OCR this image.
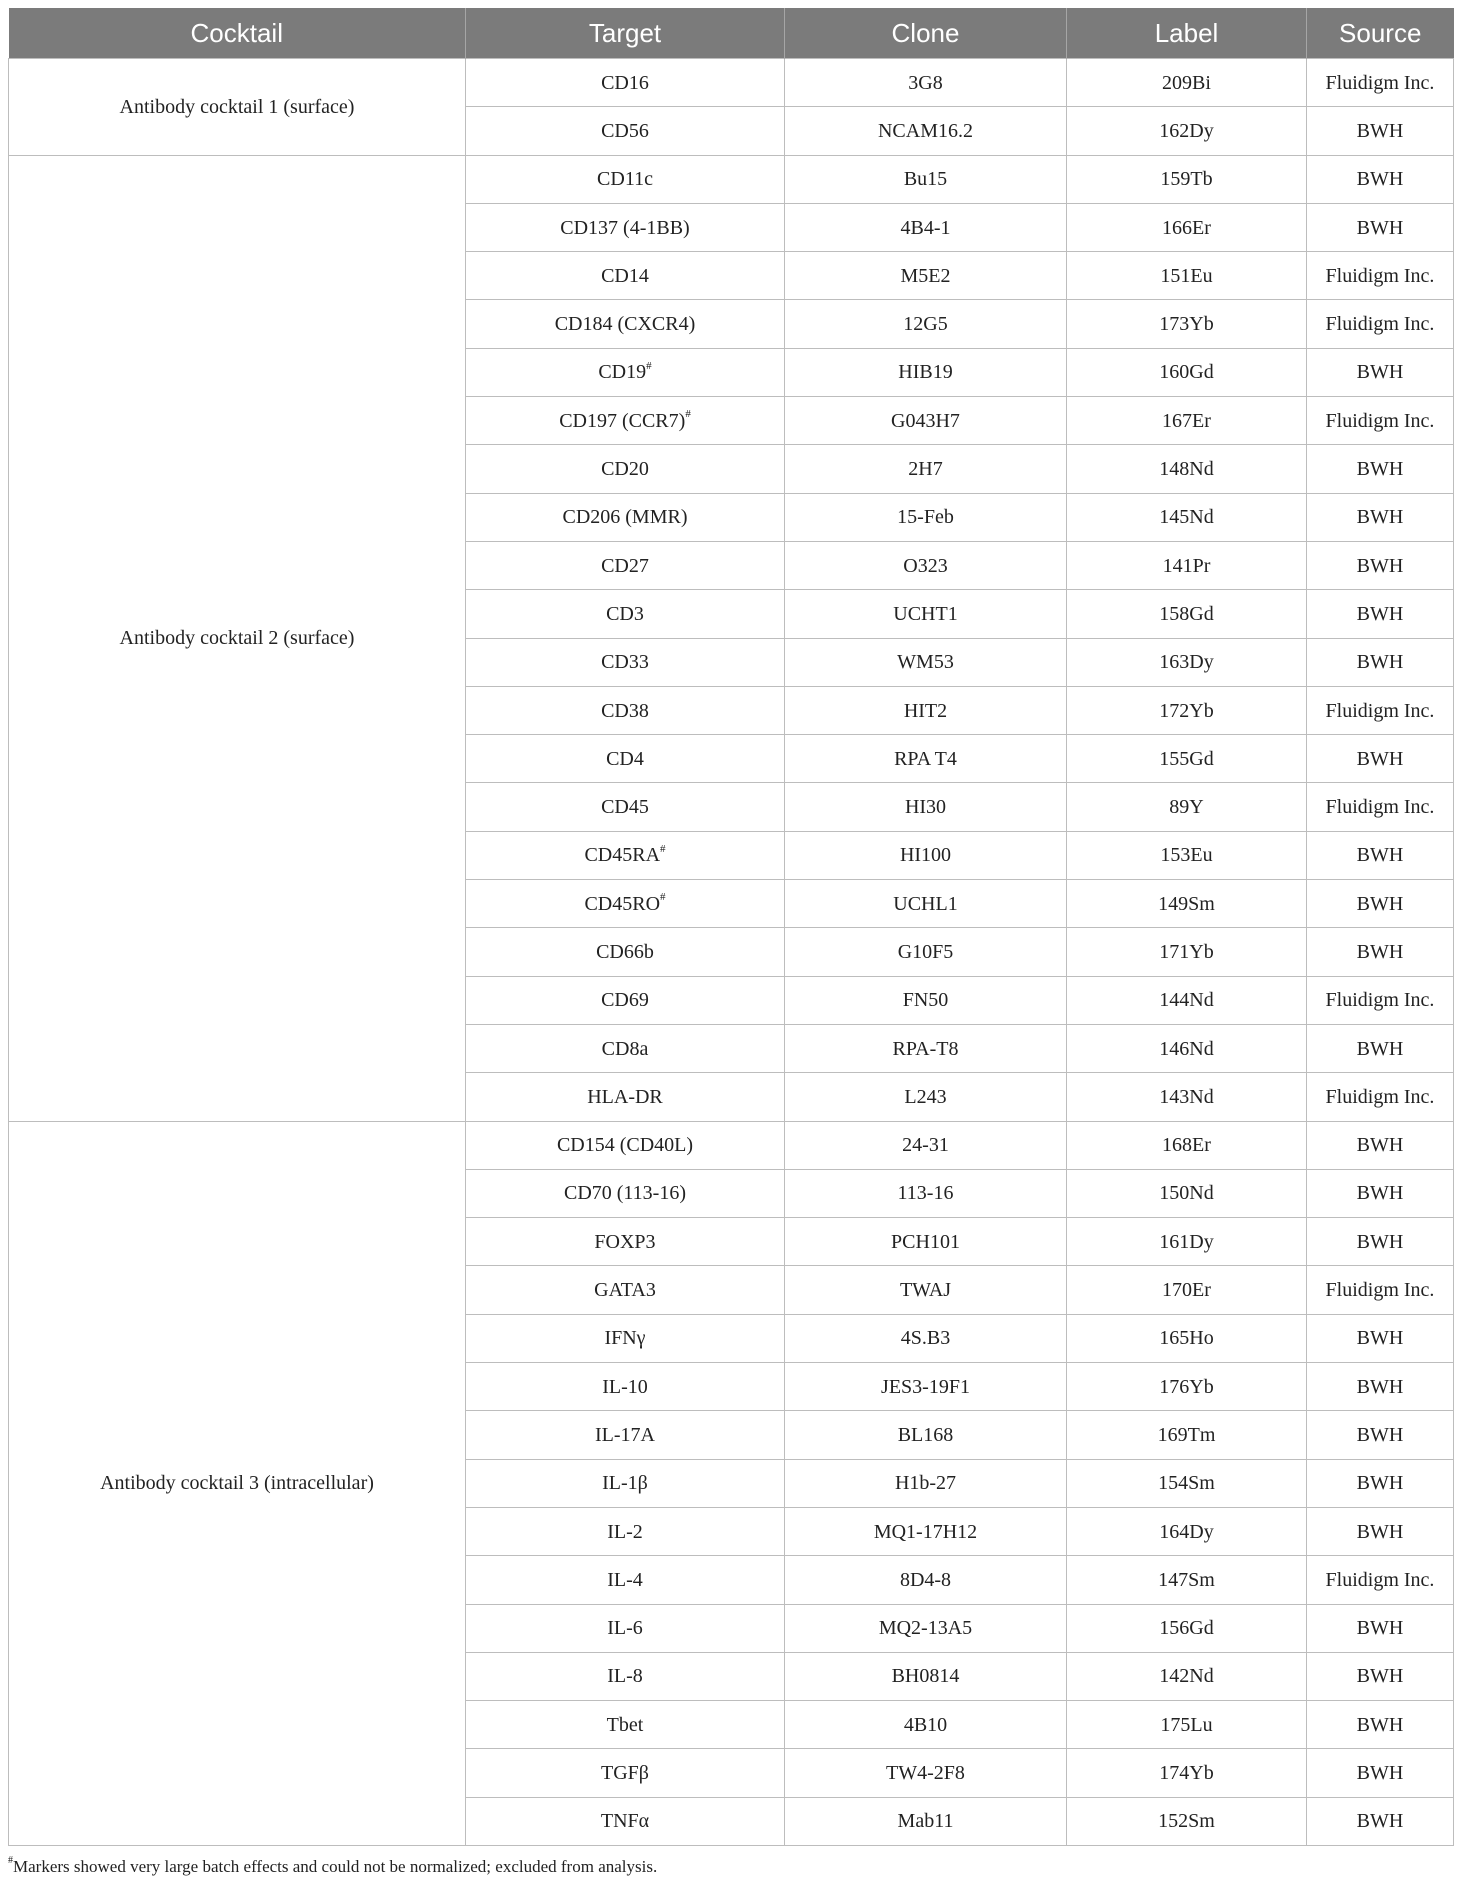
Cocktail	Target	Clone	Label	Source
Antibody cocktail 1 (surface)	CD16	3G8	209Bi	Fluidigm Inc.
	CD56	NCAM16.2	162Dy	BWH
Antibody cocktail 2 (surface)	CD11c	Bu15	159Tb	BWH
	CD137 (4-1BB)	4B4-1	166Er	BWH
	CD14	M5E2	151Eu	Fluidigm Inc.
	CD184 (CXCR4)	12G5	173Yb	Fluidigm Inc.
	CD19#	HIB19	160Gd	BWH
	CD197 (CCR7)#	G043H7	167Er	Fluidigm Inc.
	CD20	2H7	148Nd	BWH
	CD206 (MMR)	15-Feb	145Nd	BWH
	CD27	O323	141Pr	BWH
	CD3	UCHT1	158Gd	BWH
	CD33	WM53	163Dy	BWH
	CD38	HIT2	172Yb	Fluidigm Inc.
	CD4	RPA T4	155Gd	BWH
	CD45	HI30	89Y	Fluidigm Inc.
	CD45RA#	HI100	153Eu	BWH
	CD45RO#	UCHL1	149Sm	BWH
	CD66b	G10F5	171Yb	BWH
	CD69	FN50	144Nd	Fluidigm Inc.
	CD8a	RPA-T8	146Nd	BWH
	HLA-DR	L243	143Nd	Fluidigm Inc.
Antibody cocktail 3 (intracellular)	CD154 (CD40L)	24-31	168Er	BWH
	CD70 (113-16)	113-16	150Nd	BWH
	FOXP3	PCH101	161Dy	BWH
	GATA3	TWAJ	170Er	Fluidigm Inc.
	IFNγ	4S.B3	165Ho	BWH
	IL-10	JES3-19F1	176Yb	BWH
	IL-17A	BL168	169Tm	BWH
	IL-1β	H1b-27	154Sm	BWH
	IL-2	MQ1-17H12	164Dy	BWH
	IL-4	8D4-8	147Sm	Fluidigm Inc.
	IL-6	MQ2-13A5	156Gd	BWH
	IL-8	BH0814	142Nd	BWH
	Tbet	4B10	175Lu	BWH
	TGFβ	TW4-2F8	174Yb	BWH
	TNFα	Mab11	152Sm	BWH
#Markers showed very large batch effects and could not be normalized; excluded from analysis.
